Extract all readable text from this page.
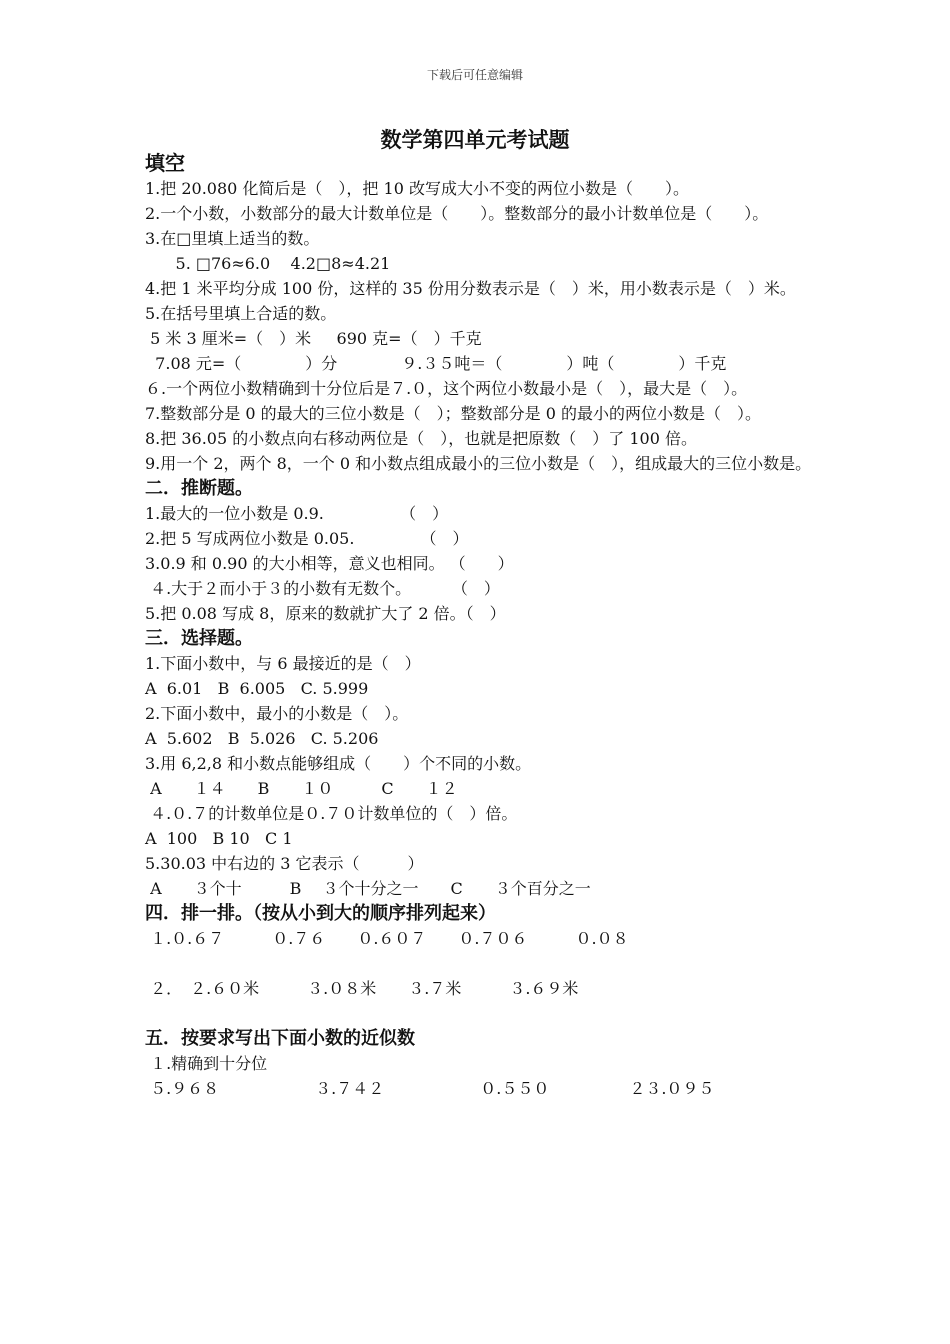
下载后可任意编辑
数学第四单元考试题
填空
1.把 20.080 化简后是（　），把 10 改写成大小不变的两位小数是（　　）。
2.一个小数，小数部分的最大计数单位是（　　）。整数部分的最小计数单位是（　　）。
3.在□里填上适当的数。
5. □76≈6.0    4.2□8≈4.21
4.把 1 米平均分成 100 份，这样的 35 份用分数表示是（　）米，用小数表示是（　）米。
5.在括号里填上合适的数。
5 米 3 厘米=（　）米     690 克=（　）千克
7.08 元=（　　　　）分　　　　９.３５吨＝（　　　　）吨（　　　　）千克
６.一个两位小数精确到十分位后是７.０，这个两位小数最小是（　），最大是（　）。
7.整数部分是 0 的最大的三位小数是（　）；整数部分是 0 的最小的两位小数是（　）。
8.把 36.05 的小数点向右移动两位是（　），也就是把原数（　）了 100 倍。
9.用一个 2，两个 8，一个 0 和小数点组成最小的三位小数是（　），组成最大的三位小数是。
二．推断题。
1.最大的一位小数是 0.9.               （　）
2.把 5 写成两位小数是 0.05.             （　）
3.0.9 和 0.90 的大小相等，意义也相同。 （　　）
４.大于２而小于３的小数有无数个。        （　）
5.把 0.08 写成 8，原来的数就扩大了 2 倍。（　）
三．选择题。
1.下面小数中，与 6 最接近的是（　）
A  6.01   B  6.005   C. 5.999
2.下面小数中，最小的小数是（　）。
A  5.602   B  5.026   C. 5.206
3.用 6,2,8 和小数点能够组成（　　）个不同的小数。
A　　１４　　B　　１０　　　C　　１２
４.０.７的计数单位是０.７０计数单位的（　）倍。
A  100   B 10   C 1
5.30.03 中右边的 3 它表示（　　　）
A　　３个十　　　B　 ３个十分之一　　C　　３个百分之一
四．排一排。（按从小到大的顺序排列起来）
１.０.６７　　　０.７６　　０.６０７　　０.７０６　　　０.０８
２．　２.６０米　　　３.０８米　　３.７米　　　３.６９米
五．按要求写出下面小数的近似数
１.精确到十分位
５.９６８　　　　　　３.７４２　　　　　　０.５５０　　　　　２３.０９５
